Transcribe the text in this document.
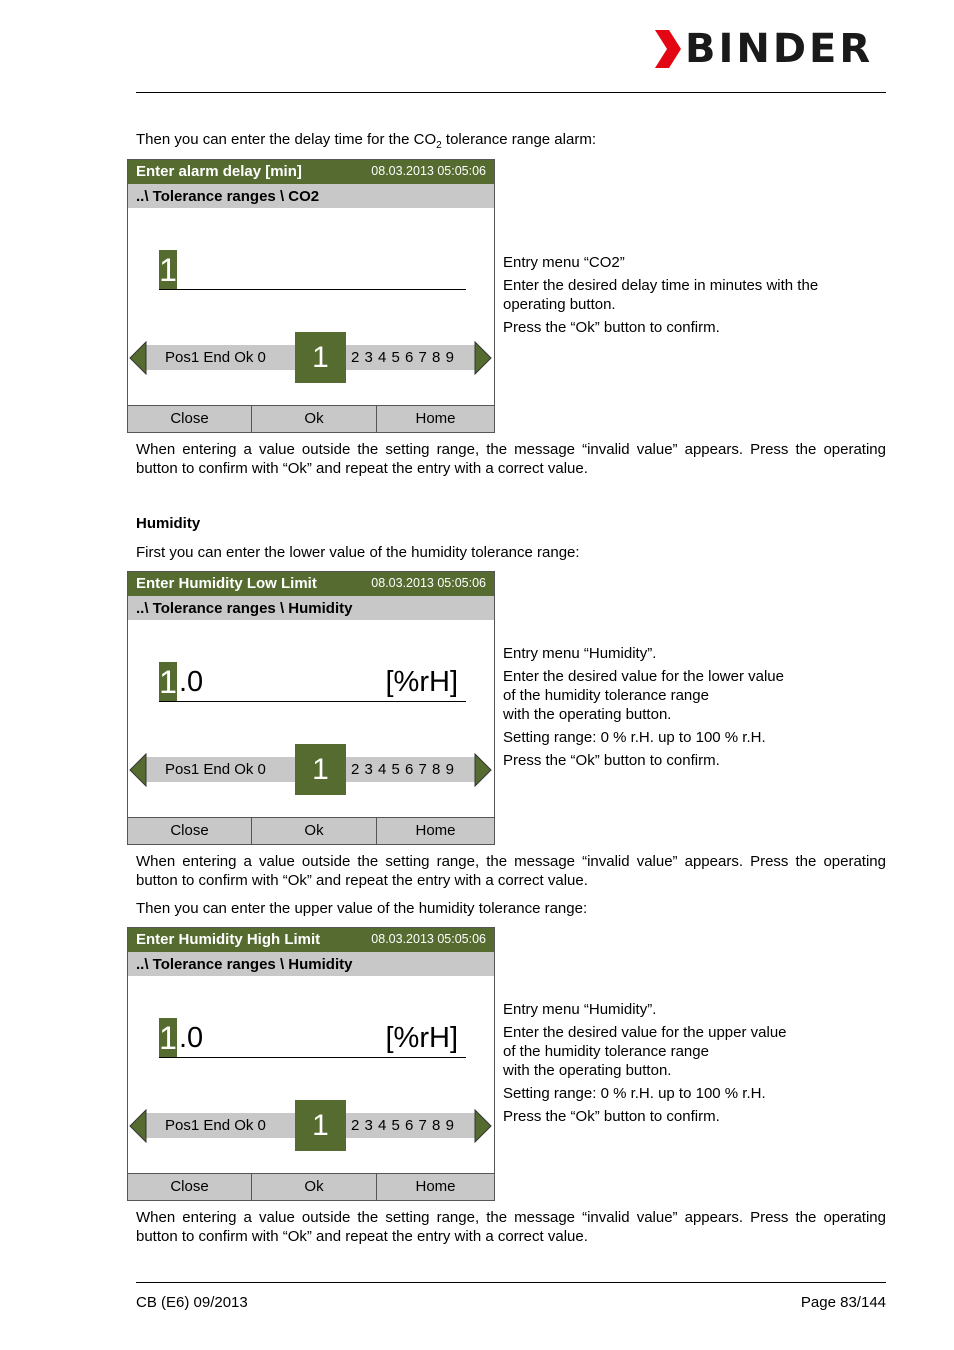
BINDER
Then you can enter the delay time for the $CO_2$ tolerance range alarm:
Enter alarm delay [min]	08.03.2013 05:05:06
..\ Tolerance ranges \ CO2
1
Pos1 End Ok 0	2 3 4 5 6 7 8 9
1
Close	Ok	Home

Entry menu “CO2”

Enter the desired delay time in minutes with the operating button.

Press the “Ok” button to confirm.

When entering a value outside the setting range, the message “invalid value” appears. Press the operating button to confirm with “Ok” and repeat the entry with a correct value.
Humidity
First you can enter the lower value of the humidity tolerance range:
Enter Humidity Low Limit	08.03.2013 05:05:06
..\ Tolerance ranges \ Humidity
1 .0	[%rH]
Pos1 End Ok 0	2 3 4 5 6 7 8 9
1
Close	Ok	Home

Entry menu “Humidity”.

Enter the desired value for the lower value
of the humidity tolerance range
with the operating button.

Setting range: 0 % r.H. up to 100 % r.H.

Press the “Ok” button to confirm.

When entering a value outside the setting range, the message “invalid value” appears. Press the operating button to confirm with “Ok” and repeat the entry with a correct value.
Then you can enter the upper value of the humidity tolerance range:
Enter Humidity High Limit	08.03.2013 05:05:06
..\ Tolerance ranges \ Humidity
1 .0	[%rH]
Pos1 End Ok 0	2 3 4 5 6 7 8 9
1
Close	Ok	Home

Entry menu “Humidity”.

Enter the desired value for the upper value
of the humidity tolerance range
with the operating button.

Setting range: 0 % r.H. up to 100 % r.H.

Press the “Ok” button to confirm.

When entering a value outside the setting range, the message “invalid value” appears. Press the operating button to confirm with “Ok” and repeat the entry with a correct value.
CB (E6) 09/2013	Page 83/144
